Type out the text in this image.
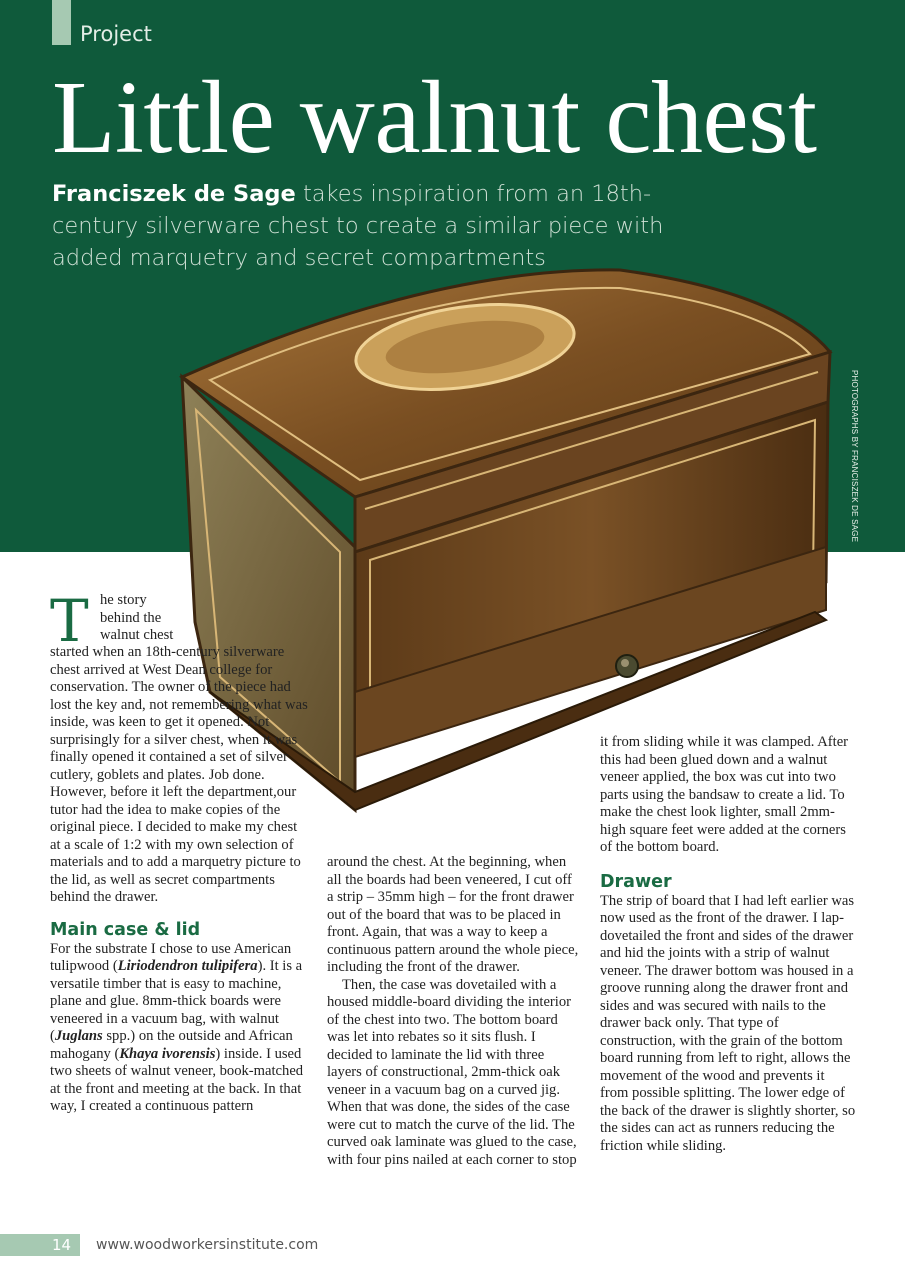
Project
Little walnut chest
Franciszek de Sage takes inspiration from an 18th-century silverware chest to create a similar piece with added marquetry and secret compartments
PHOTOGRAPHS BY FRANCISZEK DE SAGE
T he story
behind the
walnut chest

started when an 18th-century silverware chest arrived at West Dean college for conservation. The owner of the piece had lost the key and, not remembering what was inside, was keen to get it opened. Not surprisingly for a silver chest, when it was finally opened it contained a set of silver cutlery, goblets and plates. Job done. However, before it left the department,our tutor had the idea to make copies of the original piece. I decided to make my chest at a scale of 1:2 with my own selection of materials and to add a marquetry picture to the lid, as well as secret compartments behind the drawer.

Main case & lid

For the substrate I chose to use American tulipwood (Liriodendron tulipifera). It is a versatile timber that is easy to machine, plane and glue. 8mm-thick boards were veneered in a vacuum bag, with walnut (Juglans spp.) on the outside and African mahogany (Khaya ivorensis) inside. I used two sheets of walnut veneer, book-matched at the front and meeting at the back. In that way, I created a continuous pattern

around the chest. At the beginning, when all the boards had been veneered, I cut off a strip – 35mm high – for the front drawer out of the board that was to be placed in front. Again, that was a way to keep a continuous pattern around the whole piece, including the front of the drawer.

Then, the case was dovetailed with a housed middle-board dividing the interior of the chest into two. The bottom board was let into rebates so it sits flush. I decided to laminate the lid with three layers of constructional, 2mm-thick oak veneer in a vacuum bag on a curved jig. When that was done, the sides of the case were cut to match the curve of the lid. The curved oak laminate was glued to the case, with four pins nailed at each corner to stop

it from sliding while it was clamped. After this had been glued down and a walnut veneer applied, the box was cut into two parts using the bandsaw to create a lid. To make the chest look lighter, small 2mm-high square feet were added at the corners of the bottom board.

Drawer

The strip of board that I had left earlier was now used as the front of the drawer. I lap-dovetailed the front and sides of the drawer and hid the joints with a strip of walnut veneer. The drawer bottom was housed in a groove running along the drawer front and sides and was secured with nails to the drawer back only. That type of construction, with the grain of the bottom board running from left to right, allows the movement of the wood and prevents it from possible splitting. The lower edge of the back of the drawer is slightly shorter, so the sides can act as runners reducing the friction while sliding.

14 www.woodworkersinstitute.com
